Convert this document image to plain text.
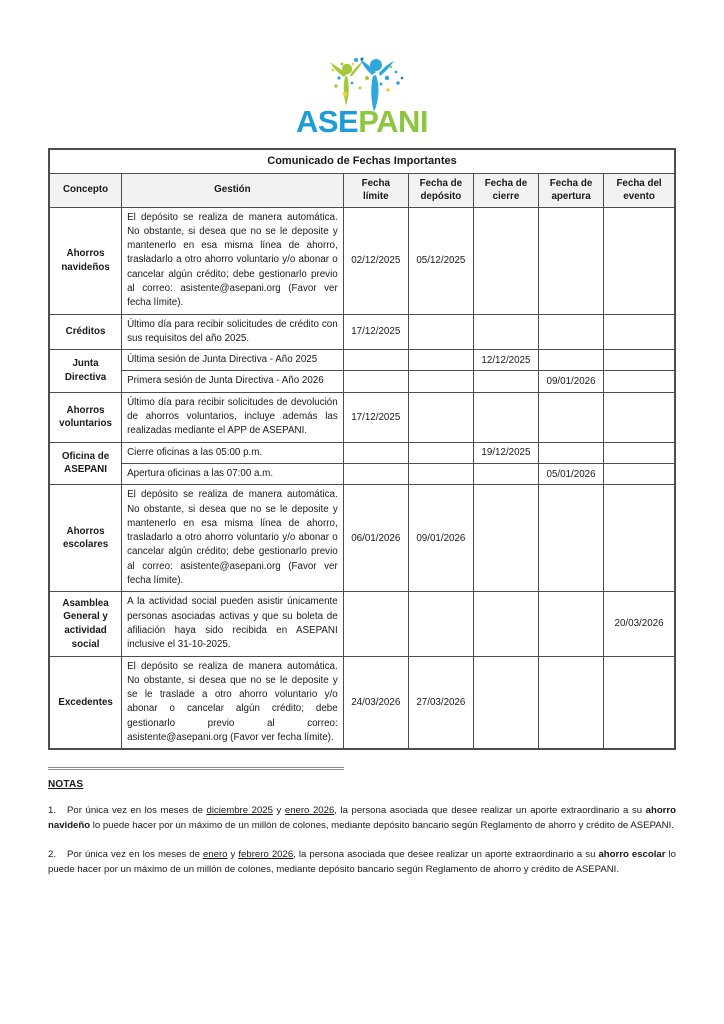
ASEPANI
Comunicado de Fechas Importantes						
Concepto	Gestión	Fecha límite	Fecha de depósito	Fecha de cierre	Fecha de apertura	Fecha del evento
Ahorros navideños	El depósito se realiza de manera automática. No obstante, si desea que no se le deposite y mantenerlo en esa misma línea de ahorro, trasladarlo a otro ahorro voluntario y/o abonar o cancelar algún crédito; debe gestionarlo previo al correo: asistente@asepani.org (Favor ver fecha límite).	02/12/2025	05/12/2025			
Créditos	Último día para recibir solicitudes de crédito con sus requisitos del año 2025.	17/12/2025				
Junta Directiva	Última sesión de Junta Directiva - Año 2025			12/12/2025		
	Primera sesión de Junta Directiva - Año 2026				09/01/2026	
Ahorros voluntarios	Último día para recibir solicitudes de devolución de ahorros voluntarios, incluye además las realizadas mediante el APP de ASEPANI.	17/12/2025				
Oficina de ASEPANI	Cierre oficinas a las 05:00 p.m.			19/12/2025		
	Apertura oficinas a las 07:00 a.m.				05/01/2026	
Ahorros escolares	El depósito se realiza de manera automática. No obstante, si desea que no se le deposite y mantenerlo en esa misma línea de ahorro, trasladarlo a otro ahorro voluntario y/o abonar o cancelar algún crédito; debe gestionarlo previo al correo: asistente@asepani.org (Favor ver fecha límite).	06/01/2026	09/01/2026			
Asamblea General y actividad social	A la actividad social pueden asistir únicamente personas asociadas activas y que su boleta de afiliación haya sido recibida en ASEPANI inclusive el 31-10-2025.					20/03/2026
Excedentes	El depósito se realiza de manera automática. No obstante, si desea que no se le deposite y se le traslade a otro ahorro voluntario y/o abonar o cancelar algún crédito; debe gestionarlo previo al correo: asistente@asepani.org (Favor ver fecha límite).	24/03/2026	27/03/2026			
NOTAS

1. Por única vez en los meses de diciembre 2025 y enero 2026, la persona asociada que desee realizar un aporte extraordinario a su ahorro navideño lo puede hacer por un máximo de un millón de colones, mediante depósito bancario según Reglamento de ahorro y crédito de ASEPANI.

2. Por única vez en los meses de enero y febrero 2026, la persona asociada que desee realizar un aporte extraordinario a su ahorro escolar lo puede hacer por un máximo de un millón de colones, mediante depósito bancario según Reglamento de ahorro y crédito de ASEPANI.
